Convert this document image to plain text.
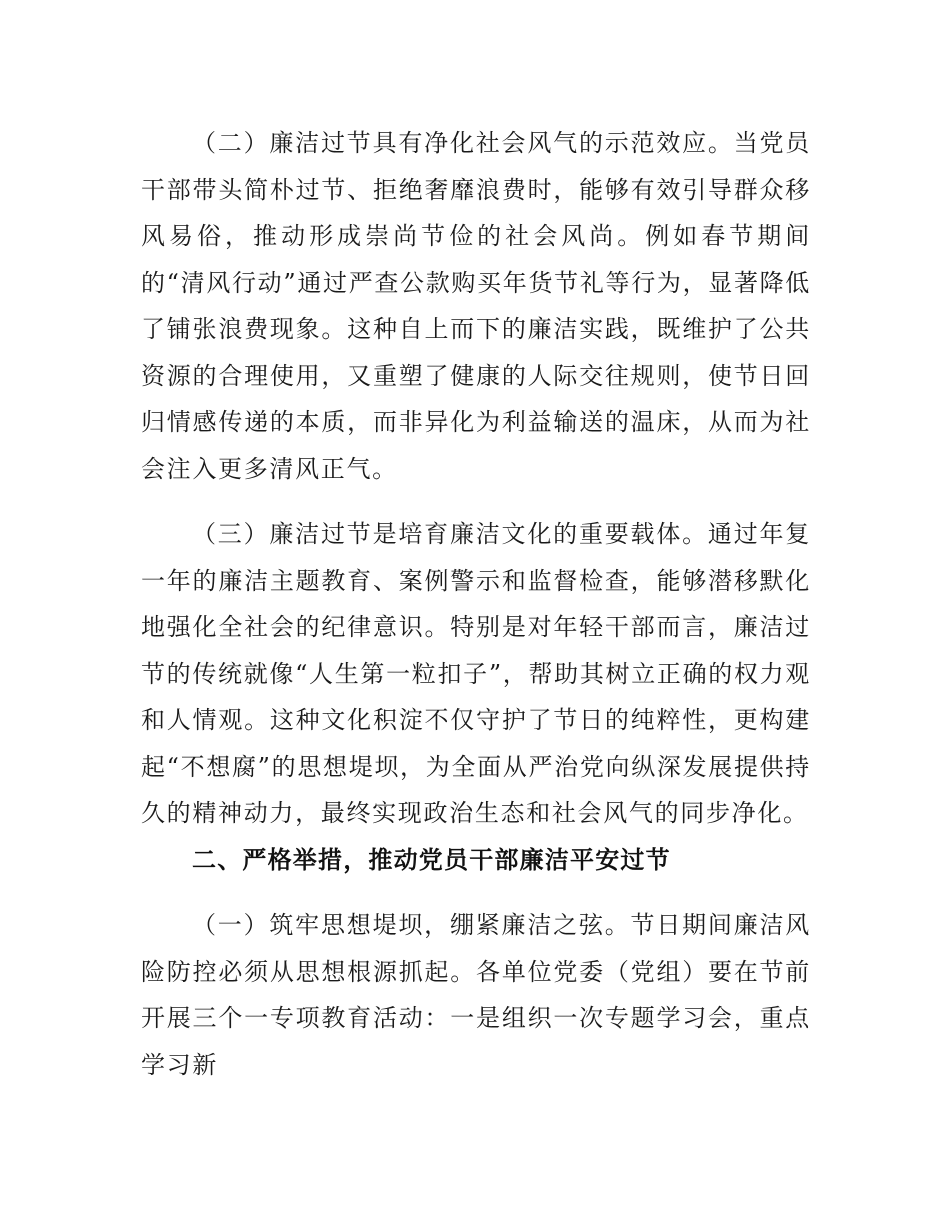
（二）廉洁过节具有净化社会风气的示范效应。当党员干部带头简朴过节、拒绝奢靡浪费时，能够有效引导群众移风易俗，推动形成崇尚节俭的社会风尚。例如春节期间的“清风行动”通过严查公款购买年货节礼等行为，显著降低了铺张浪费现象。这种自上而下的廉洁实践，既维护了公共资源的合理使用，又重塑了健康的人际交往规则，使节日回归情感传递的本质，而非异化为利益输送的温床，从而为社会注入更多清风正气。

（三）廉洁过节是培育廉洁文化的重要载体。通过年复一年的廉洁主题教育、案例警示和监督检查，能够潜移默化地强化全社会的纪律意识。特别是对年轻干部而言，廉洁过节的传统就像“人生第一粒扣子”，帮助其树立正确的权力观和人情观。这种文化积淀不仅守护了节日的纯粹性，更构建起“不想腐”的思想堤坝，为全面从严治党向纵深发展提供持久的精神动力，最终实现政治生态和社会风气的同步净化。

二、严格举措，推动党员干部廉洁平安过节

（一）筑牢思想堤坝，绷紧廉洁之弦。节日期间廉洁风险防控必须从思想根源抓起。各单位党委（党组）要在节前开展三个一专项教育活动：一是组织一次专题学习会，重点学习新
